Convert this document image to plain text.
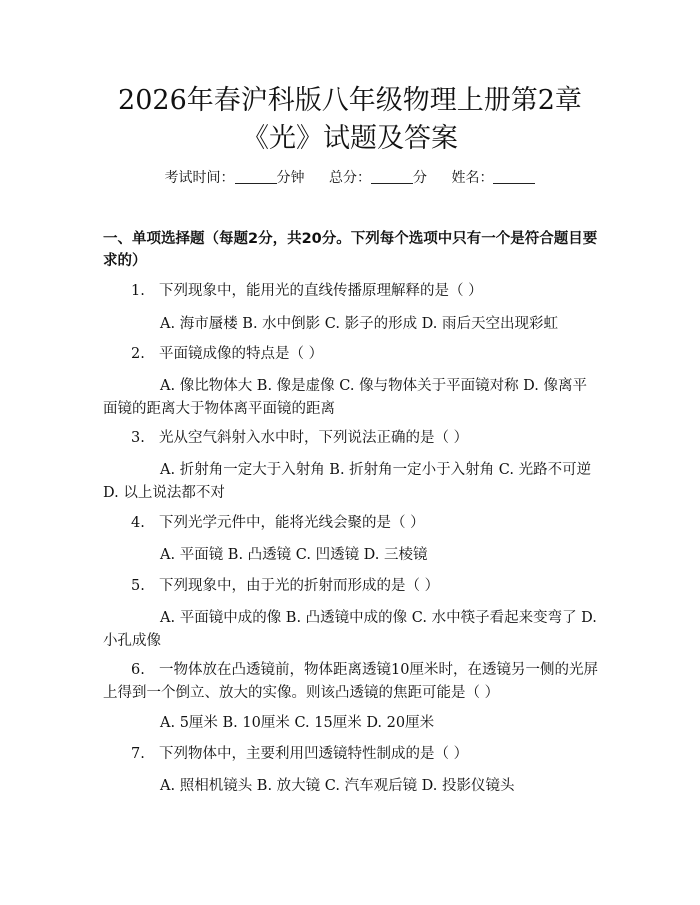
2026年春沪科版八年级物理上册第2章
《光》试题及答案
考试时间：	分钟 总分：	分 姓名：

一、单项选择题（每题2分，共20分。下列每个选项中只有一个是符合题目要求的）

1. 下列现象中，能用光的直线传播原理解释的是（ ）

A. 海市蜃楼 B. 水中倒影 C. 影子的形成 D. 雨后天空出现彩虹

2. 平面镜成像的特点是（ ）

A. 像比物体大 B. 像是虚像 C. 像与物体关于平面镜对称 D. 像离平面镜的距离大于物体离平面镜的距离

3. 光从空气斜射入水中时，下列说法正确的是（ ）

A. 折射角一定大于入射角 B. 折射角一定小于入射角 C. 光路不可逆 D. 以上说法都不对

4. 下列光学元件中，能将光线会聚的是（ ）

A. 平面镜 B. 凸透镜 C. 凹透镜 D. 三棱镜

5. 下列现象中，由于光的折射而形成的是（ ）

A. 平面镜中成的像 B. 凸透镜中成的像 C. 水中筷子看起来变弯了 D. 小孔成像

6. 一物体放在凸透镜前，物体距离透镜10厘米时，在透镜另一侧的光屏上得到一个倒立、放大的实像。则该凸透镜的焦距可能是（ ）

A. 5厘米 B. 10厘米 C. 15厘米 D. 20厘米

7. 下列物体中，主要利用凹透镜特性制成的是（ ）

A. 照相机镜头 B. 放大镜 C. 汽车观后镜 D. 投影仪镜头
